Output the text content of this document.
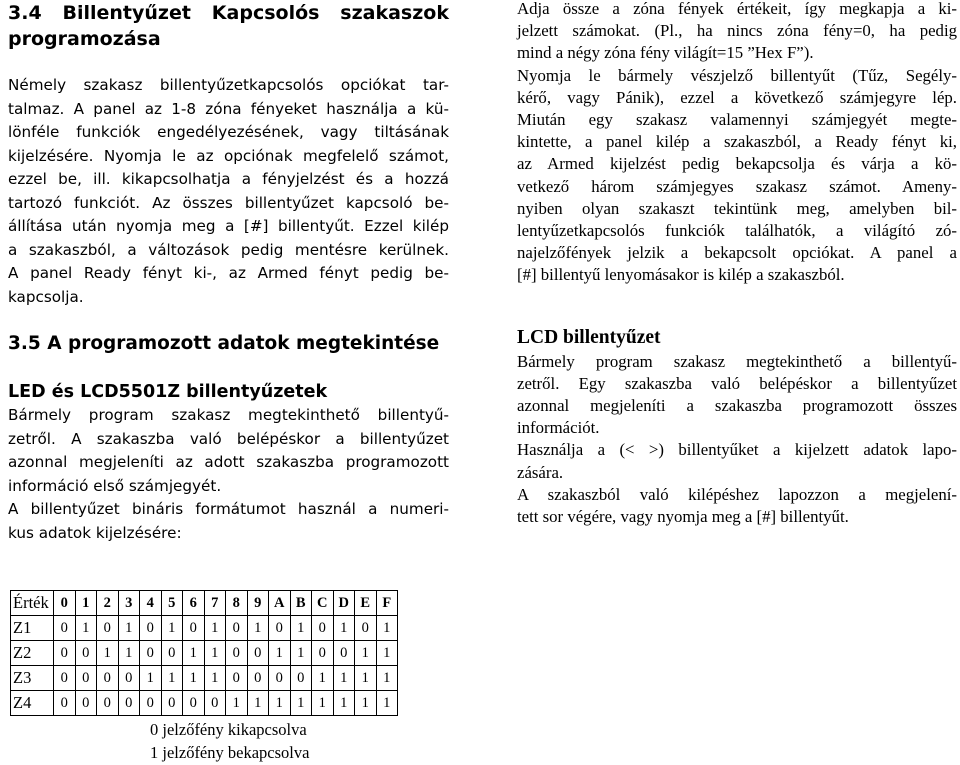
3.4 Billentyűzet Kapcsolós szakaszok
programozása

Némely szakasz billentyűzetkapcsolós opciókat tar-

talmaz. A panel az 1-8 zóna fényeket használja a kü-

lönféle funkciók engedélyezésének, vagy tiltásának

kijelzésére. Nyomja le az opciónak megfelelő számot,

ezzel be, ill. kikapcsolhatja a fényjelzést és a hozzá

tartozó funkciót. Az összes billentyűzet kapcsoló be-

állítása után nyomja meg a [#] billentyűt. Ezzel kilép

a szakaszból, a változások pedig mentésre kerülnek.

A panel Ready fényt ki-, az Armed fényt pedig be-

kapcsolja.

3.5 A programozott adatok megtekintése
LED és LCD5501Z billentyűzetek

Bármely program szakasz megtekinthető billentyű-

zetről. A szakaszba való belépéskor a billentyűzet

azonnal megjeleníti az adott szakaszba programozott

információ első számjegyét.

A billentyűzet bináris formátumot használ a numeri-

kus adatok kijelzésére:

Adja össze a zóna fények értékeit, így megkapja a ki-

jelzett számokat. (Pl., ha nincs zóna fény=0, ha pedig

mind a négy zóna fény világít=15 ”Hex F”).

Nyomja le bármely vészjelző billentyűt (Tűz, Segély-

kérő, vagy Pánik), ezzel a következő számjegyre lép.

Miután egy szakasz valamennyi számjegyét megte-

kintette, a panel kilép a szakaszból, a Ready fényt ki,

az Armed kijelzést pedig bekapcsolja és várja a kö-

vetkező három számjegyes szakasz számot. Ameny-

nyiben olyan szakaszt tekintünk meg, amelyben bil-

lentyűzetkapcsolós funkciók találhatók, a világító zó-

najelzőfények jelzik a bekapcsolt opciókat. A panel a

[#] billentyű lenyomásakor is kilép a szakaszból.

LCD billentyűzet

Bármely program szakasz megtekinthető a billentyű-

zetről. Egy szakaszba való belépéskor a billentyűzet

azonnal megjeleníti a szakaszba programozott összes

információt.

Használja a (< >) billentyűket a kijelzett adatok lapo-

zására.

A szakaszból való kilépéshez lapozzon a megjelení-

tett sor végére, vagy nyomja meg a [#] billentyűt.

Érték	0	1	2	3	4	5	6	7	8	9	A	B	C	D	E	F
Z1	0	1	0	1	0	1	0	1	0	1	0	1	0	1	0	1
Z2	0	0	1	1	0	0	1	1	0	0	1	1	0	0	1	1
Z3	0	0	0	0	1	1	1	1	0	0	0	0	1	1	1	1
Z4	0	0	0	0	0	0	0	0	1	1	1	1	1	1	1	1
0 jelzőfény kikapcsolva
1 jelzőfény bekapcsolva
